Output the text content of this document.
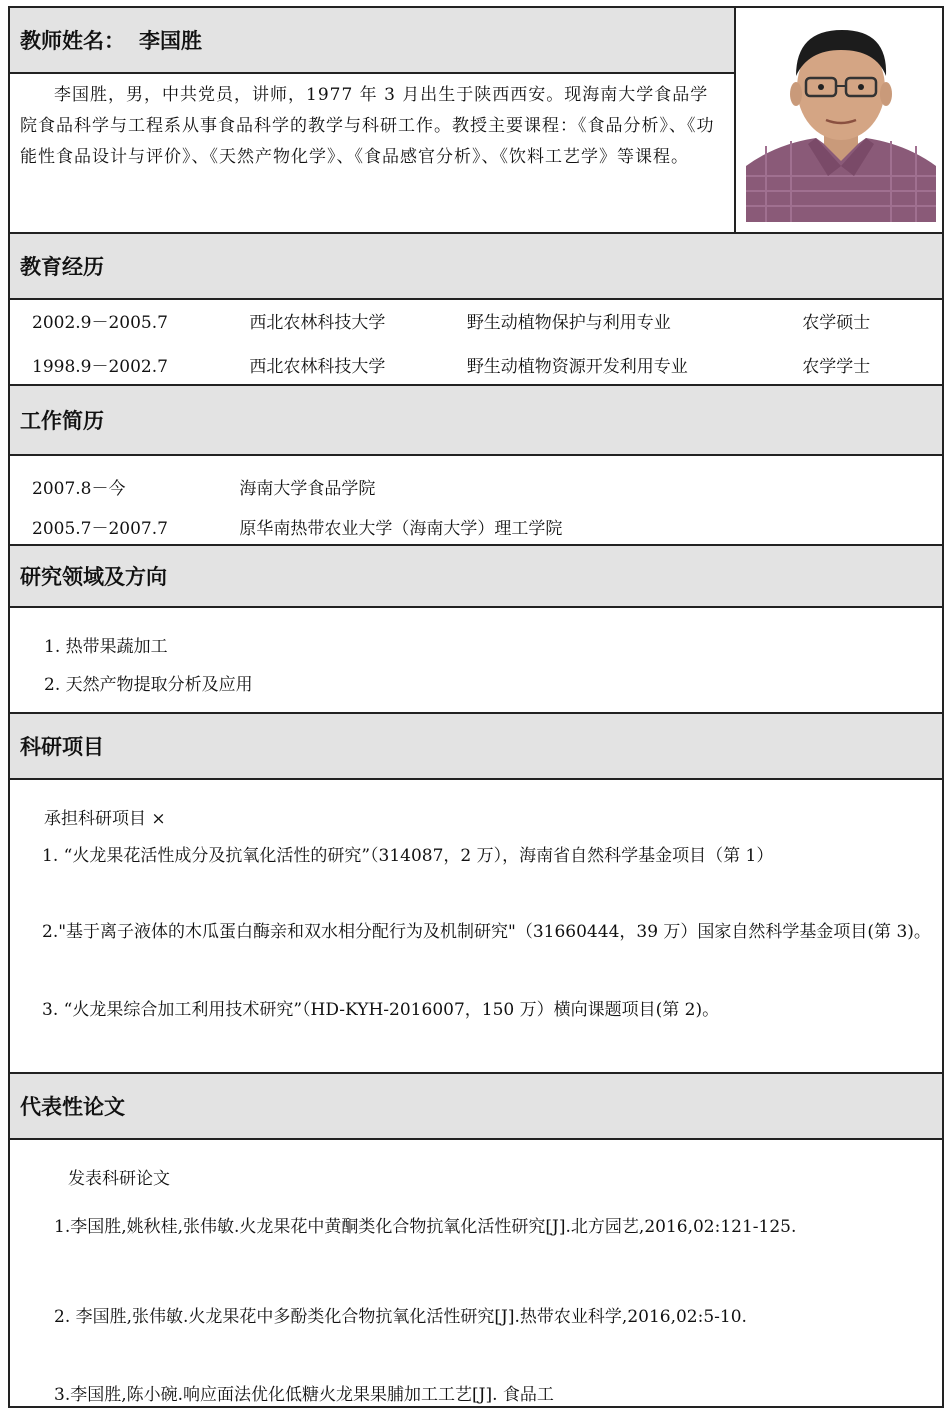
教师姓名： 李国胜
李国胜，男，中共党员，讲师，1977 年 3 月出生于陕西西安。现海南大学食品学院食品科学与工程系从事食品科学的教学与科研工作。教授主要课程：《食品分析》、《功能性食品设计与评价》、《天然产物化学》、《食品感官分析》、《饮料工艺学》等课程。
教育经历
2002.9－2005.7	西北农林科技大学	野生动植物保护与利用专业	农学硕士
1998.9－2002.7	西北农林科技大学	野生动植物资源开发利用专业	农学学士
工作简历
2007.8－今	海南大学食品学院
2005.7－2007.7	原华南热带农业大学（海南大学）理工学院
研究领域及方向
1. 热带果蔬加工
2. 天然产物提取分析及应用
科研项目
承担科研项目 ×
1. “火龙果花活性成分及抗氧化活性的研究”（314087，2 万），海南省自然科学基金项目（第 1）
2."基于离子液体的木瓜蛋白酶亲和双水相分配行为及机制研究"（31660444，39 万）国家自然科学基金项目(第 3)。
3. “火龙果综合加工利用技术研究”（HD-KYH-2016007，150 万）横向课题项目(第 2)。
代表性论文
发表科研论文
1.李国胜,姚秋桂,张伟敏.火龙果花中黄酮类化合物抗氧化活性研究[J].北方园艺,2016,02:121-125.
2. 李国胜,张伟敏.火龙果花中多酚类化合物抗氧化活性研究[J].热带农业科学,2016,02:5-10.
3.李国胜,陈小碗.响应面法优化低糖火龙果果脯加工工艺[J]. 食品工
